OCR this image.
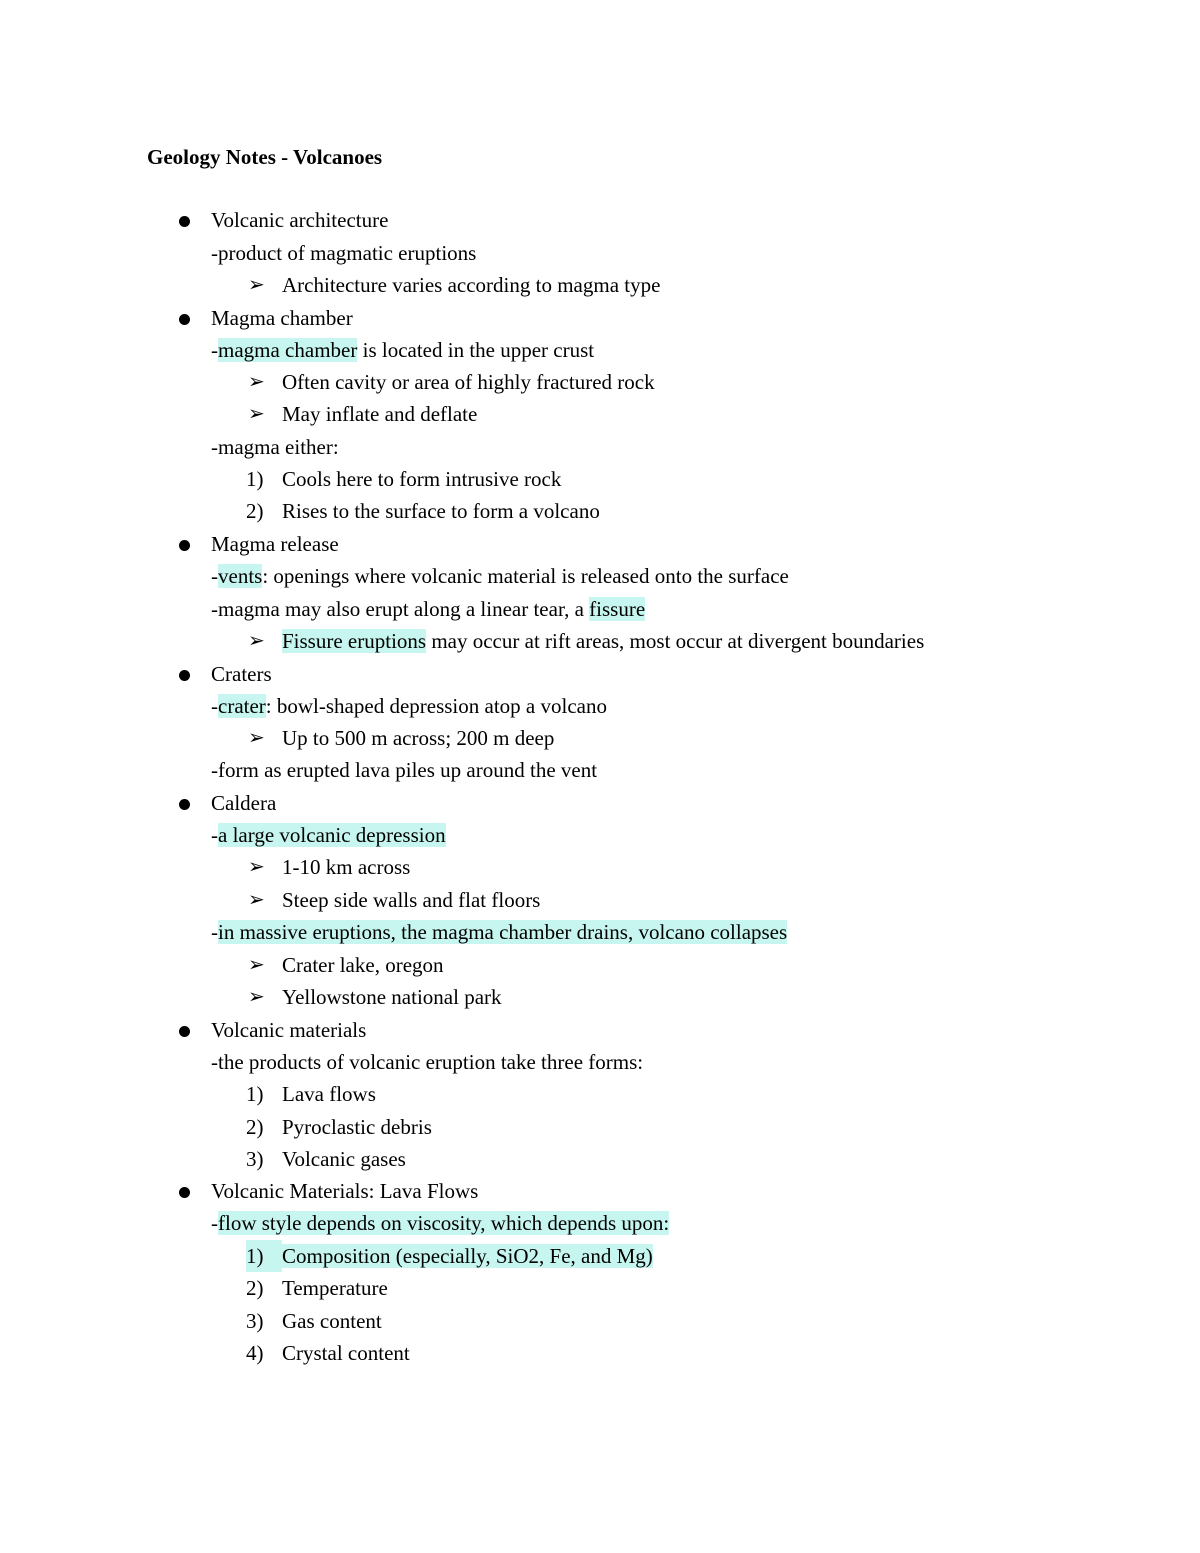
Geology Notes - Volcanoes
Volcanic architecture
-product of magmatic eruptions
➢ Architecture varies according to magma type
Magma chamber
-magma chamber is located in the upper crust
➢ Often cavity or area of highly fractured rock
➢ May inflate and deflate
-magma either:
1) Cools here to form intrusive rock
2) Rises to the surface to form a volcano
Magma release
-vents: openings where volcanic material is released onto the surface
-magma may also erupt along a linear tear, a fissure
➢ Fissure eruptions may occur at rift areas, most occur at divergent boundaries
Craters
-crater: bowl-shaped depression atop a volcano
➢ Up to 500 m across; 200 m deep
-form as erupted lava piles up around the vent
Caldera
-a large volcanic depression
➢ 1-10 km across
➢ Steep side walls and flat floors
-in massive eruptions, the magma chamber drains, volcano collapses
➢ Crater lake, oregon
➢ Yellowstone national park
Volcanic materials
-the products of volcanic eruption take three forms:
1) Lava flows
2) Pyroclastic debris
3) Volcanic gases
Volcanic Materials: Lava Flows
-flow style depends on viscosity, which depends upon:
1) Composition (especially, SiO2, Fe, and Mg)
2) Temperature
3) Gas content
4) Crystal content
